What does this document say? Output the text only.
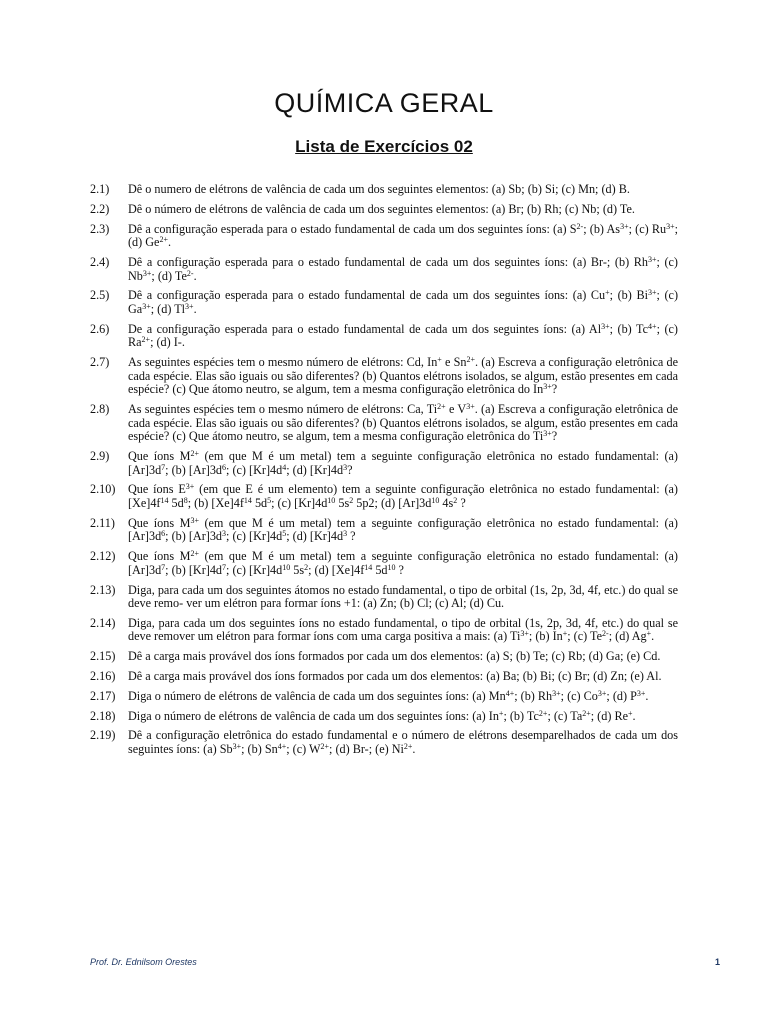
QUÍMICA GERAL
Lista de Exercícios 02
2.1)	Dê o numero de elétrons de valência de cada um dos seguintes elementos: (a) Sb; (b) Si; (c) Mn; (d) B.
2.2)	Dê o número de elétrons de valência de cada um dos seguintes elementos: (a) Br; (b) Rh; (c) Nb; (d) Te.
2.3)	Dê a configuração esperada para o estado fundamental de cada um dos seguintes íons: (a) $S^{2-}$; (b) $As^{3+}$; (c) $Ru^{3+}$; (d) $Ge^{2+}$.
2.4)	Dê a configuração esperada para o estado fundamental de cada um dos seguintes íons: (a) Br-; (b) $Rh^{3+}$; (c) $Nb^{3+}$; (d) $Te^{2-}$.
2.5)	Dê a configuração esperada para o estado fundamental de cada um dos seguintes íons: (a) Cu+; (b) $Bi^{3+}$; (c) $Ga^{3+}$; (d) $Tl^{3+}$.
2.6)	De a configuração esperada para o estado fundamental de cada um dos seguintes íons: (a) $Al^{3+}$; (b) $Tc^{4+}$; (c) $Ra^{2+}$; (d) I-.
2.7)	As seguintes espécies tem o mesmo número de elétrons: Cd, In+ e $Sn^{2+}$. (a) Escreva a configuração eletrônica de cada espécie. Elas são iguais ou são diferentes? (b) Quantos elétrons isolados, se algum, estão presentes em cada espécie? (c) Que átomo neutro, se algum, tem a mesma configuração eletrônica do $In^{3+}$?
2.8)	As seguintes espécies tem o mesmo número de elétrons: Ca, $Ti^{2+}$ e $V^{3+}$. (a) Escreva a configuração eletrônica de cada espécie. Elas são iguais ou são diferentes? (b) Quantos elétrons isolados, se algum, estão presentes em cada espécie? (c) Que átomo neutro, se algum, tem a mesma configuração eletrônica do $Ti^{3+}$?
2.9)	Que íons $M^{2+}$ (em que M é um metal) tem a seguinte configuração eletrônica no estado fundamental: (a) $[Ar]3d^7$; (b) $[Ar]3d^6$; (c) $[Kr]4d^4$; (d) $[Kr]4d^3$?
2.10)	Que íons $E^{3+}$ (em que E é um elemento) tem a seguinte configuração eletrônica no estado fundamental: (a) $[Xe]4f^{14}$ $5d^8$; (b) $[Xe]4f^{14}$ $5d^5$; (c) $[Kr]4d^{10}$ $5s^2$ 5p2; (d) $[Ar]3d^{10}$ $4s^2$ ?
2.11)	Que íons $M^{3+}$ (em que M é um metal) tem a seguinte configuração eletrônica no estado fundamental: (a) $[Ar]3d^6$; (b) $[Ar]3d^3$; (c) $[Kr]4d^5$; (d) $[Kr]4d^3$ ?
2.12)	Que íons $M^{2+}$ (em que M é um metal) tem a seguinte configuração eletrônica no estado fundamental: (a) $[Ar]3d^7$; (b) $[Kr]4d^7$; (c) $[Kr]4d^{10}$ $5s^2$; (d) $[Xe]4f^{14}$ $5d^{10}$ ?
2.13)	Diga, para cada um dos seguintes átomos no estado fundamental, o tipo de orbital (1s, 2p, 3d, 4f, etc.) do qual se deve remo- ver um elétron para formar íons +1: (a) Zn; (b) Cl; (c) Al; (d) Cu.
2.14)	Diga, para cada um dos seguintes íons no estado fundamental, o tipo de orbital (1s, 2p, 3d, 4f, etc.) do qual se deve remover um elétron para formar íons com uma carga positiva a mais: (a) $Ti^{3+}$; (b) In+; (c) $Te^{2-}$; (d) Ag+.
2.15)	Dê a carga mais provável dos íons formados por cada um dos elementos: (a) S; (b) Te; (c) Rb; (d) Ga; (e) Cd.
2.16)	Dê a carga mais provável dos íons formados por cada um dos elementos: (a) Ba; (b) Bi; (c) Br; (d) Zn; (e) Al.
2.17)	Diga o número de elétrons de valência de cada um dos seguintes íons: (a) $Mn^{4+}$; (b) $Rh^{3+}$; (c) $Co^{3+}$; (d) $P^{3+}$.
2.18)	Diga o número de elétrons de valência de cada um dos seguintes íons: (a) In+; (b) $Tc^{2+}$; (c) $Ta^{2+}$; (d) Re+.
2.19)	Dê a configuração eletrônica do estado fundamental e o número de elétrons desemparelhados de cada um dos seguintes íons: (a) $Sb^{3+}$; (b) $Sn^{4+}$; (c) $W^{2+}$; (d) Br-; (e) $Ni^{2+}$.
Prof. Dr. Ednilsom Orestes	1
